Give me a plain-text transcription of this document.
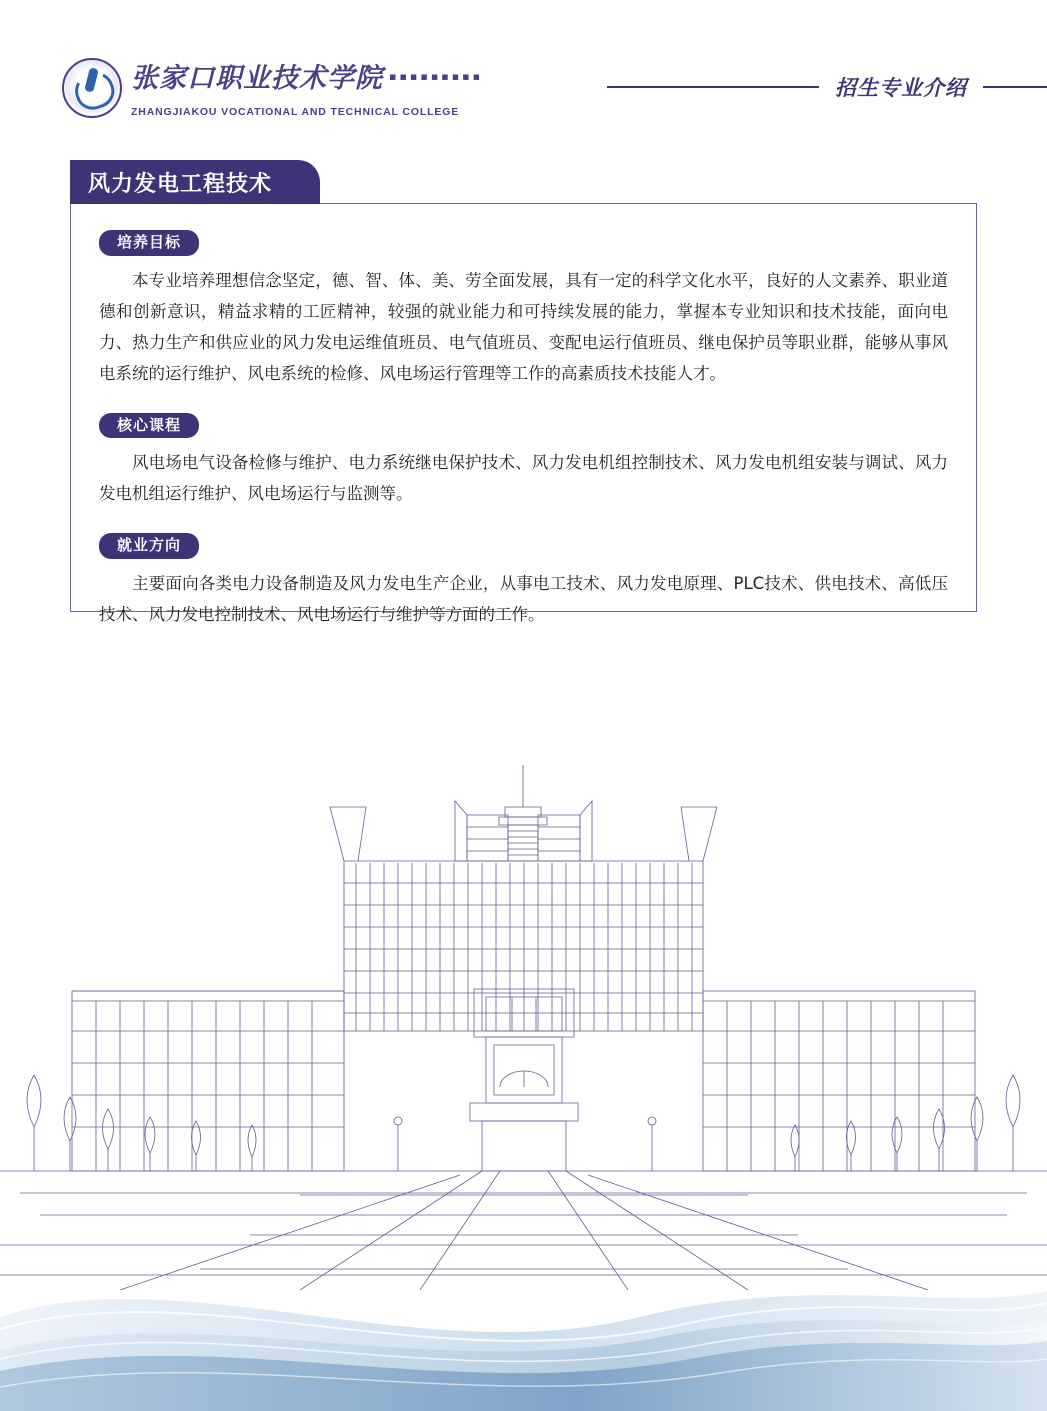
张家口职业技术学院 ▪▪▪▪▪▪▪▪▪
ZHANGJIAKOU VOCATIONAL AND TECHNICAL COLLEGE
招生专业介绍
风力发电工程技术
培养目标
本专业培养理想信念坚定，德、智、体、美、劳全面发展，具有一定的科学文化水平，良好的人文素养、职业道德和创新意识，精益求精的工匠精神，较强的就业能力和可持续发展的能力，掌握本专业知识和技术技能，面向电力、热力生产和供应业的风力发电运维值班员、电气值班员、变配电运行值班员、继电保护员等职业群，能够从事风电系统的运行维护、风电系统的检修、风电场运行管理等工作的高素质技术技能人才。
核心课程
风电场电气设备检修与维护、电力系统继电保护技术、风力发电机组控制技术、风力发电机组安装与调试、风力发电机组运行维护、风电场运行与监测等。
就业方向
主要面向各类电力设备制造及风力发电生产企业，从事电工技术、风力发电原理、PLC技术、供电技术、高低压技术、风力发电控制技术、风电场运行与维护等方面的工作。
